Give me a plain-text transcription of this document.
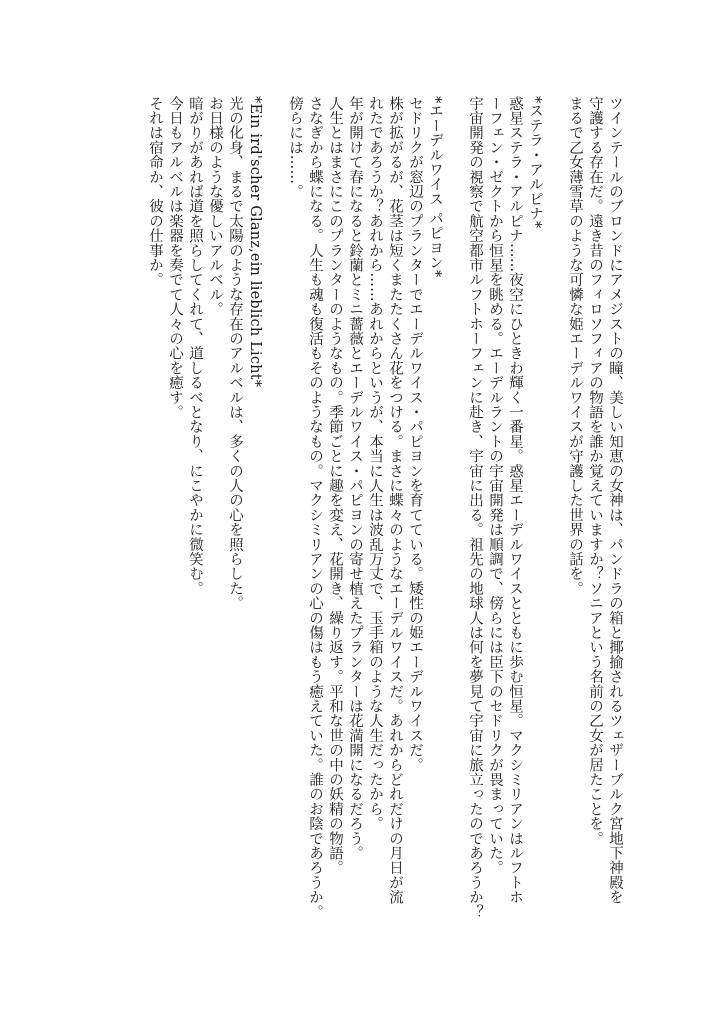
ツインテールのブロンドにアメジストの瞳、美しい知恵の女神は、パンドラの箱と揶揄されるツェザーブルク宮地下神殿を

守護する存在だ。遠き昔のフィロソフィアの物語を誰か覚えていますか？ソニアという名前の乙女が居たことを。

まるで乙女薄雪草のような可憐な姫エーデルワイスが守護した世界の話を。

*ステラ・アルピナ*

惑星ステラ・アルピナ……夜空にひときわ輝く一番星。惑星エーデルワイスとともに歩む恒星。マクシミリアンはルフトホ

ーフェン・ゼクトから恒星を眺める。エーデルラントの宇宙開発は順調で、傍らには臣下のセドリクが畏まっていた。

宇宙開発の視察で航空都市ルフトホーフェンに赴き、宇宙に出る。祖先の地球人は何を夢見て宇宙に旅立ったのであろうか？

*エーデルワイス パピヨン*

セドリクが窓辺のプランターでエーデルワイス・パピヨンを育てている。矮性の姫エーデルワイスだ。

株が拡がるが、花茎は短くまたたくさん花をつける。まさに蝶々のようなエーデルワイスだ。あれからどれだけの月日が流

れたであろうか？あれから……あれからというが、本当に人生は波乱万丈で、玉手箱のような人生だったから。

年が開けて春になると鈴蘭とミニ薔薇とエーデルワイス・パピヨンの寄せ植えたプランターは花満開になるだろう。

人生とはまさにこのプランターのようなもの。季節ごとに趣を変え、花開き、繰り返す。平和な世の中の妖精の物語。

さなぎから蝶になる。人生も魂も復活もそのようなもの。マクシミリアンの心の傷はもう癒えていた。誰のお陰であろうか。

傍らには……。

*Ein ird'scher Glanz,ein lieblich Licht*

光の化身、まるで太陽のような存在のアルベルは、多くの人の心を照らした。

お日様のような優しいアルベル。

暗がりがあれば道を照らしてくれて、道しるべとなり、にこやかに微笑む。

今日もアルベルは楽器を奏でて人々の心を癒す。

それは宿命か、彼の仕事か。
